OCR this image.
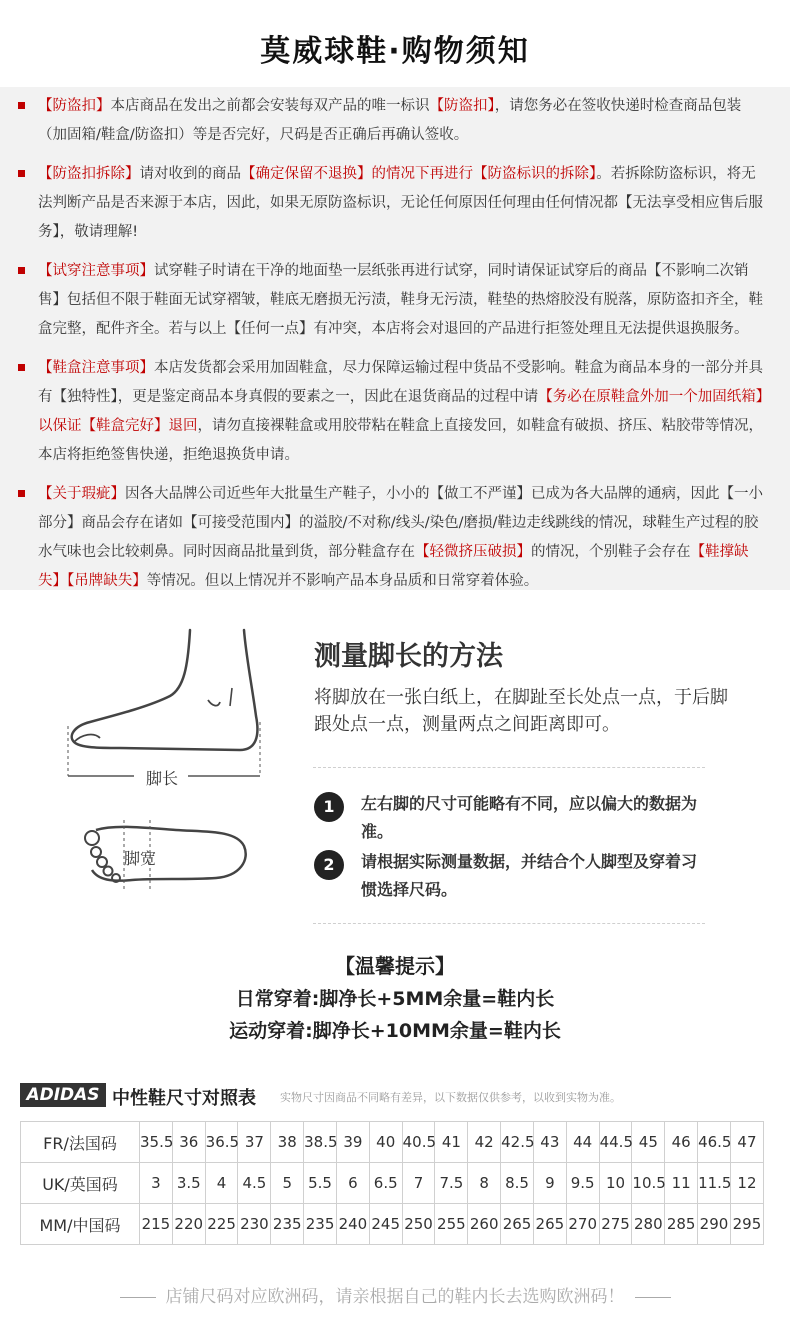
莫威球鞋·购物须知
【防盗扣】本店商品在发出之前都会安装每双产品的唯一标识【防盗扣】，请您务必在签收快递时检查商品包装（加固箱/鞋盒/防盗扣）等是否完好，尺码是否正确后再确认签收。
【防盗扣拆除】请对收到的商品【确定保留不退换】的情况下再进行【防盗标识的拆除】。若拆除防盗标识，将无法判断产品是否来源于本店，因此，如果无原防盗标识，无论任何原因任何理由任何情况都【无法享受相应售后服务】，敬请理解!
【试穿注意事项】试穿鞋子时请在干净的地面垫一层纸张再进行试穿，同时请保证试穿后的商品【不影响二次销售】包括但不限于鞋面无试穿褶皱，鞋底无磨损无污渍，鞋身无污渍，鞋垫的热熔胶没有脱落，原防盗扣齐全，鞋盒完整，配件齐全。若与以上【任何一点】有冲突，本店将会对退回的产品进行拒签处理且无法提供退换服务。
【鞋盒注意事项】本店发货都会采用加固鞋盒，尽力保障运输过程中货品不受影响。鞋盒为商品本身的一部分并具有【独特性】，更是鉴定商品本身真假的要素之一，因此在退货商品的过程中请【务必在原鞋盒外加一个加固纸箱】以保证【鞋盒完好】退回，请勿直接裸鞋盒或用胶带粘在鞋盒上直接发回，如鞋盒有破损、挤压、粘胶带等情况，本店将拒绝签售快递，拒绝退换货申请。
【关于瑕疵】因各大品牌公司近些年大批量生产鞋子，小小的【做工不严谨】已成为各大品牌的通病，因此【一小部分】商品会存在诸如【可接受范围内】的溢胶/不对称/线头/染色/磨损/鞋边走线跳线的情况，球鞋生产过程的胶水气味也会比较刺鼻。同时因商品批量到货，部分鞋盒存在【轻微挤压破损】的情况，个别鞋子会存在【鞋撑缺失】【吊牌缺失】等情况。但以上情况并不影响产品本身品质和日常穿着体验。
脚长
脚宽
测量脚长的方法
将脚放在一张白纸上，在脚趾至长处点一点，于后脚跟处点一点，测量两点之间距离即可。
1	左右脚的尺寸可能略有不同，应以偏大的数据为准。
2	请根据实际测量数据，并结合个人脚型及穿着习惯选择尺码。
【温馨提示】
日常穿着:脚净长+5MM余量=鞋内长
运动穿着:脚净长+10MM余量=鞋内长
ADIDAS 中性鞋尺寸对照表 实物尺寸因商品不同略有差异，以下数据仅供参考，以收到实物为准。
FR/法国码	35.5	36	36.5	37	38	38.5	39	40	40.5	41	42	42.5	43	44	44.5	45	46	46.5	47
UK/英国码	3	3.5	4	4.5	5	5.5	6	6.5	7	7.5	8	8.5	9	9.5	10	10.5	11	11.5	12
MM/中国码	215	220	225	230	235	235	240	245	250	255	260	265	265	270	275	280	285	290	295
店铺尺码对应欧洲码，请亲根据自己的鞋内长去选购欧洲码！
